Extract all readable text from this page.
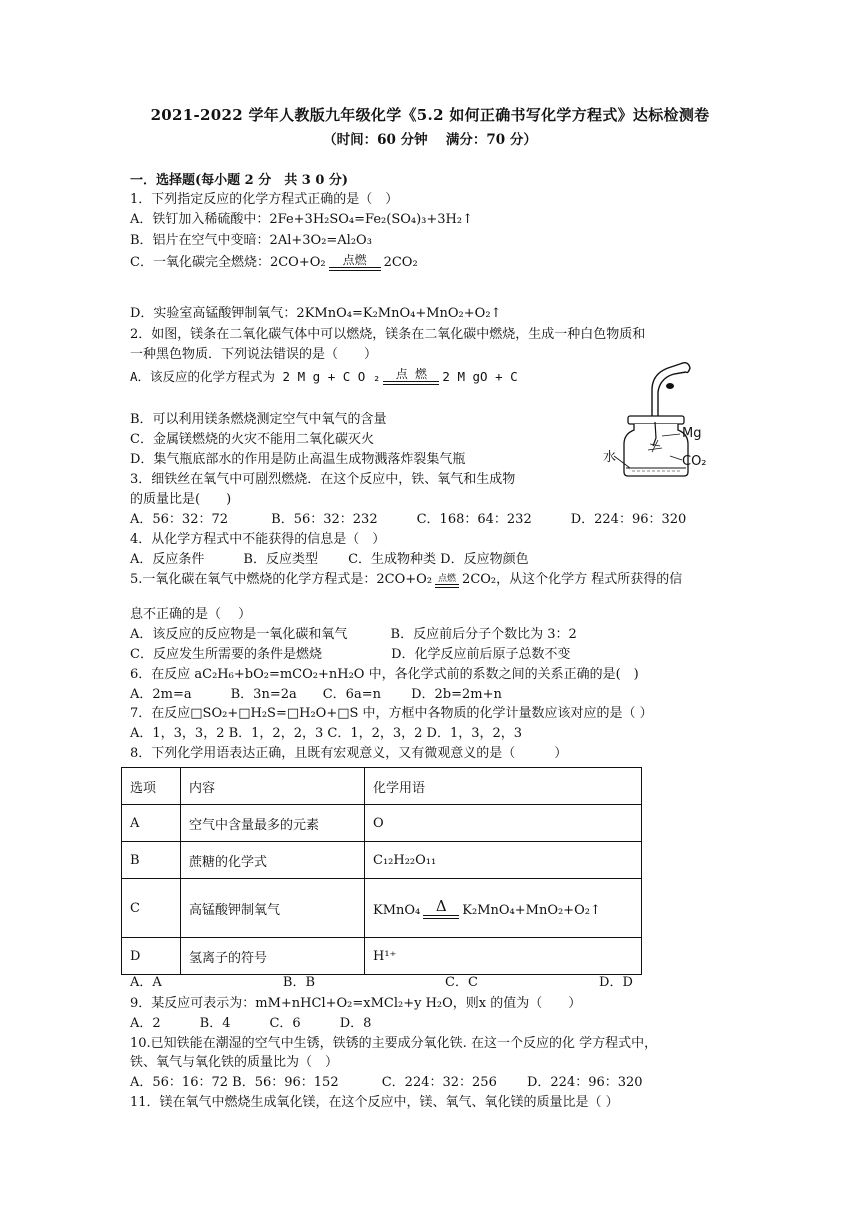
2021-2022 学年人教版九年级化学《5.2 如何正确书写化学方程式》达标检测卷
（时间：60 分钟　 满分：70 分）
一．选择题(每小题 2 分　共 3 0 分)
1．下列指定反应的化学方程式正确的是（　）
A．铁钉加入稀硫酸中：2Fe+3H₂SO₄=Fe₂(SO₄)₃+3H₂↑
B．铝片在空气中变暗：2Al+3O₂=Al₂O₃
C．一氧化碳完全燃烧：2CO+O₂	点燃	2CO₂
D．实验室高锰酸钾制氧气：2KMnO₄=K₂MnO₄+MnO₂+O₂↑
2．如图，镁条在二氧化碳气体中可以燃烧，镁条在二氧化碳中燃烧，生成一种白色物质和
一种黑色物质．下列说法错误的是（　　）
A．该反应的化学方程式为 2 M g + C O ₂	点 燃	2 M gO + C
B．可以利用镁条燃烧测定空气中氧气的含量
C．金属镁燃烧的火灾不能用二氧化碳灭火
D．集气瓶底部水的作用是防止高温生成物溅落炸裂集气瓶
Mg
CO₂
水
3．细铁丝在氧气中可剧烈燃烧．在这个反应中，铁、氧气和生成物
的质量比是(　　)
A．56：32：72　　　 B．56：32：232　　　C．168：64：232　　　D．224：96：320
4．从化学方程式中不能获得的信息是（　）
A．反应条件　　　B．反应类型　　 C．生成物种类 D．反应物颜色
5.一氧化碳在氧气中燃烧的化学方程式是：2CO+O₂ 点燃 2CO₂，从这个化学方 程式所获得的信
息不正确的是（　 ）
A．该反应的反应物是一氧化碳和氧气　　　 B．反应前后分子个数比为 3：2
C．反应发生所需要的条件是燃烧　　　　　 D．化学反应前后原子总数不变
6．在反应 aC₂H₆+bO₂=mCO₂+nH₂O 中，各化学式前的系数之间的关系正确的是(　)
A．2m=a　　　B．3n=2a　　C．6a=n　　 D．2b=2m+n
7．在反应□SO₂+□H₂S=□H₂O+□S 中，方框中各物质的化学计量数应该对应的是（ ）
A．1，3，3，2 B．1，2，2，3 C．1，2，3，2 D．1，3，2，3
8．下列化学用语表达正确，且既有宏观意义，又有微观意义的是（　　　）
选项	内容	化学用语
A	空气中含量最多的元素	O
B	蔗糖的化学式	C₁₂H₂₂O₁₁
C	高锰酸钾制氧气	KMnO₄ Δ K₂MnO₄+MnO₂+O₂↑
D	氢离子的符号	H¹⁺
A．A　　　　　　　　　 B．B　　　　　　　　　　C．C　　　　　　　　　 D．D
9．某反应可表示为：mM+nHCl+O₂=xMCl₂+y H₂O，则x 的值为（　　）
A．2　　　B．4　　　C．6　　　D．8
10.已知铁能在潮湿的空气中生锈，铁锈的主要成分氧化铁. 在这一个反应的化 学方程式中，
铁、氧气与氧化铁的质量比为（　）
A．56：16：72 B．56：96：152　　　 C．224：32：256　　 D．224：96：320
11．镁在氧气中燃烧生成氧化镁，在这个反应中，镁、氧气、氧化镁的质量比是（ ）
